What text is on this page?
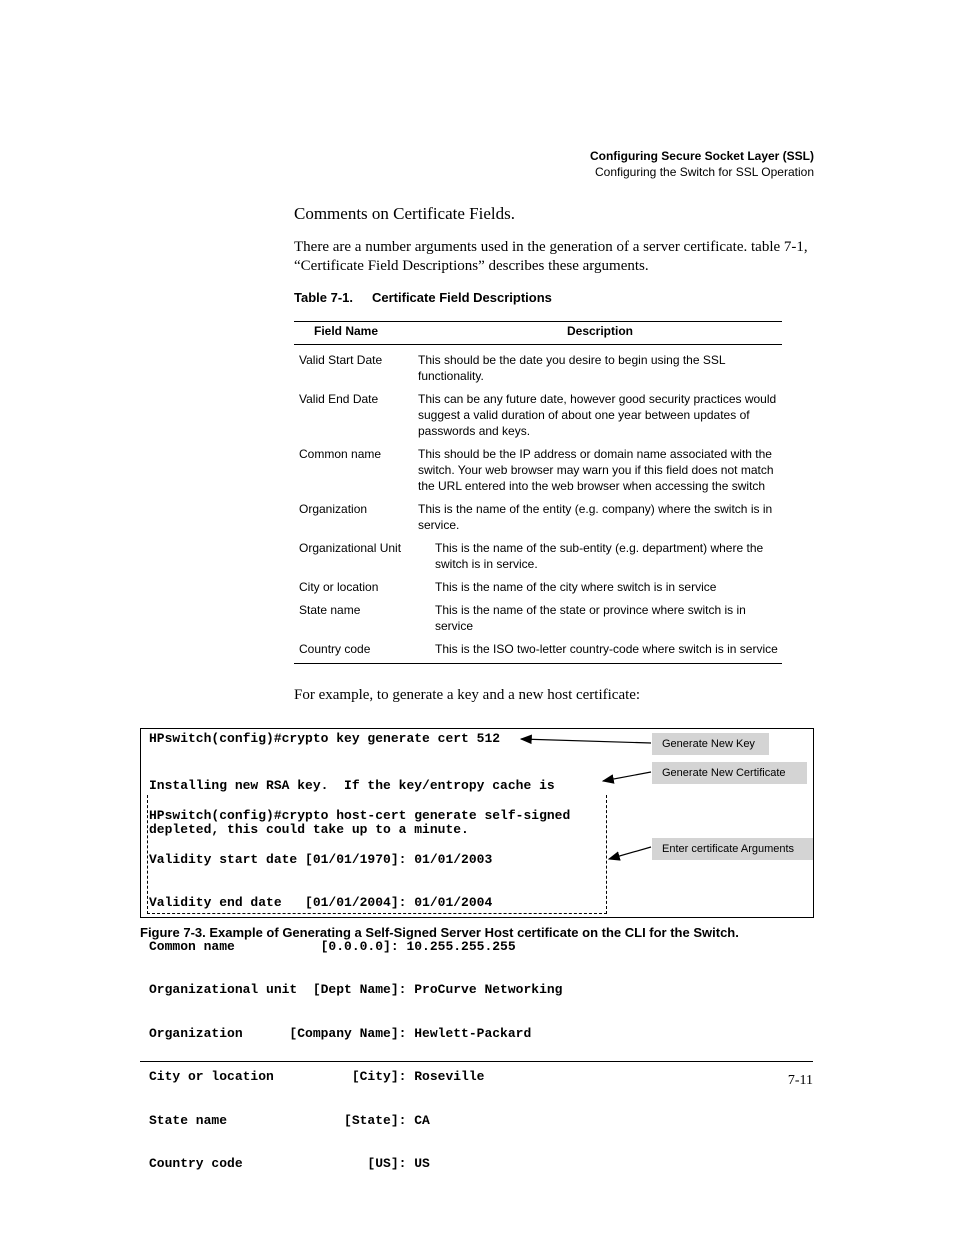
Configuring Secure Socket Layer (SSL)
Configuring the Switch for SSL Operation
Comments on Certificate Fields.

There are a number arguments used in the generation of a server certificate. table 7-1, “Certificate Field Descriptions” describes these arguments.

Table 7-1. Certificate Field Descriptions
Field Name	Description
Valid Start Date	This should be the date you desire to begin using the SSL functionality.
Valid End Date	This can be any future date, however good security practices would suggest a valid duration of about one year between updates of passwords and keys.
Common name	This should be the IP address or domain name associated with the switch. Your web browser may warn you if this field does not match the URL entered into the web browser when accessing the switch
Organization	This is the name of the entity (e.g. company) where the switch is in service.
Organizational Unit	This is the name of the sub-entity (e.g. department) where the switch is in service.
City or location	This is the name of the city where switch is in service
State name	This is the name of the state or province where switch is in service
Country code	This is the ISO two-letter country-code where switch is in service
For example, to generate a key and a new host certificate:
HPswitch(config)#crypto key generate cert 512

Installing new RSA key.  If the key/entropy cache is

depleted, this could take up to a minute.

HPswitch(config)#crypto host-cert generate self-signed

Validity start date [01/01/1970]: 01/01/2003

Validity end date   [01/01/2004]: 01/01/2004

Common name           [0.0.0.0]: 10.255.255.255

Organizational unit  [Dept Name]: ProCurve Networking

Organization      [Company Name]: Hewlett-Packard

City or location          [City]: Roseville

State name               [State]: CA

Country code                [US]: US

Generate New Key
Generate New Certificate
Enter certificate Arguments
Figure 7-3. Example of Generating a Self-Signed Server Host certificate on the CLI for the Switch.
7-11
